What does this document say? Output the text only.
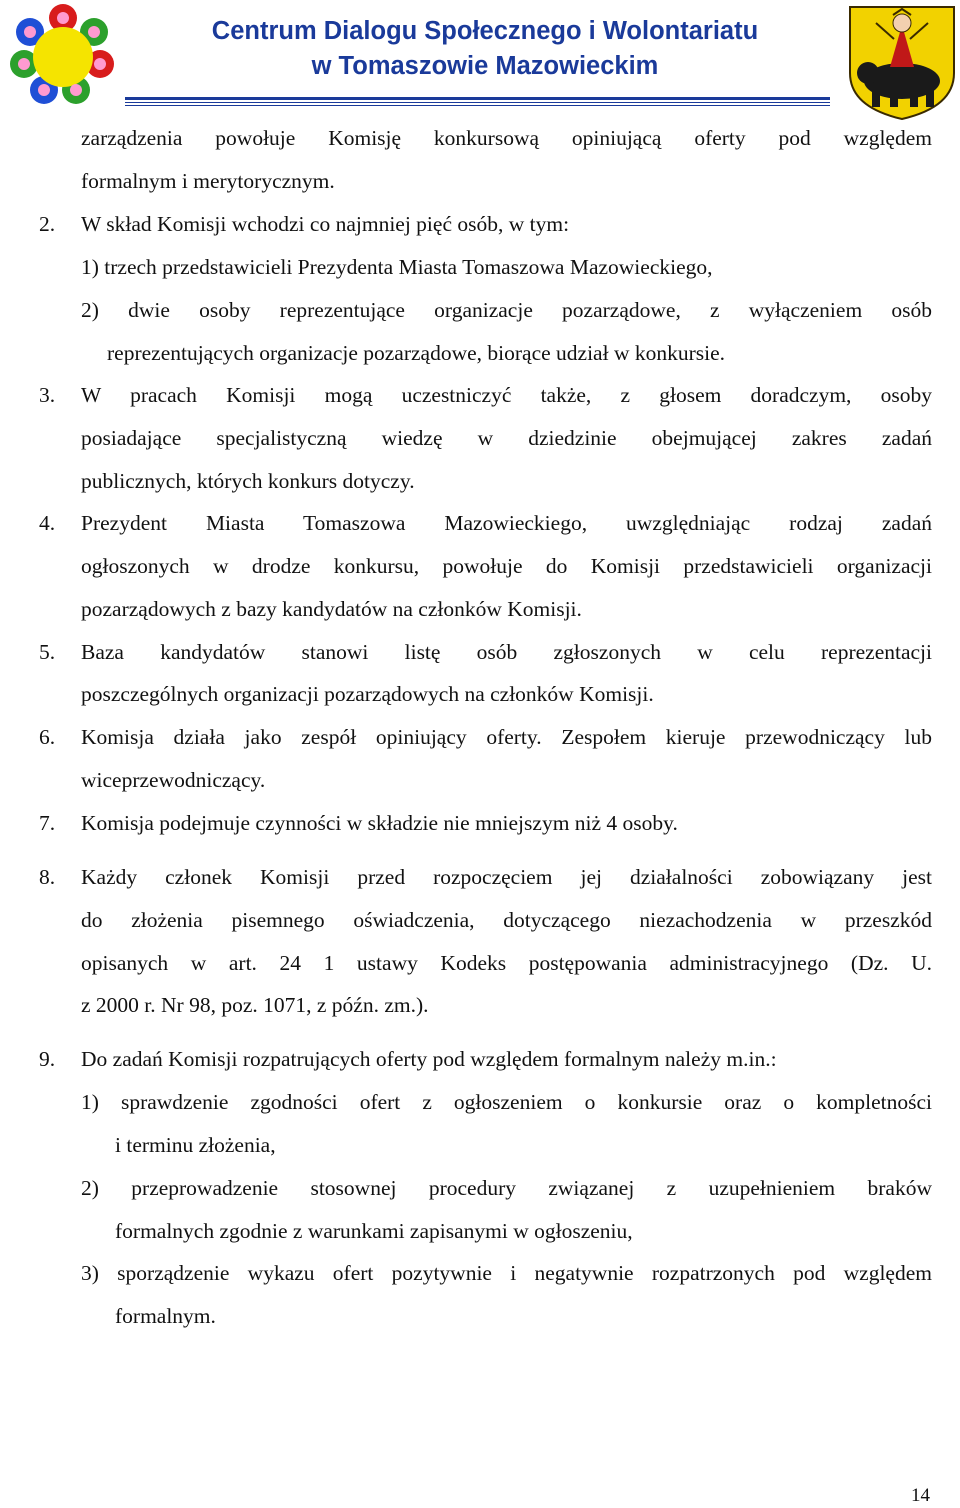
Centrum Dialogu Społecznego i Wolontariatu
w Tomaszowie Mazowieckim
zarządzenia powołuje Komisję konkursową opiniującą oferty pod względem
formalnym i merytorycznym.
2. W skład Komisji wchodzi co najmniej pięć osób, w tym:
1) trzech przedstawicieli Prezydenta Miasta Tomaszowa Mazowieckiego,
2) dwie osoby reprezentujące organizacje pozarządowe, z wyłączeniem osób
reprezentujących organizacje pozarządowe, biorące udział w konkursie.
3. W pracach Komisji mogą uczestniczyć także, z głosem doradczym, osoby
posiadające specjalistyczną wiedzę w dziedzinie obejmującej zakres zadań
publicznych, których konkurs dotyczy.
4. Prezydent Miasta Tomaszowa Mazowieckiego, uwzględniając rodzaj zadań
ogłoszonych w drodze konkursu, powołuje do Komisji przedstawicieli organizacji
pozarządowych z bazy kandydatów na członków Komisji.
5. Baza kandydatów stanowi listę osób zgłoszonych w celu reprezentacji
poszczególnych organizacji pozarządowych na członków Komisji.
6. Komisja działa jako zespół opiniujący oferty. Zespołem kieruje przewodniczący lub
wiceprzewodniczący.
7. Komisja podejmuje czynności w składzie nie mniejszym niż 4 osoby.
8. Każdy członek Komisji przed rozpoczęciem jej działalności zobowiązany jest
do złożenia pisemnego oświadczenia, dotyczącego niezachodzenia w przeszkód
opisanych w art. 24 1 ustawy Kodeks postępowania administracyjnego (Dz. U.
z 2000 r. Nr 98, poz. 1071, z późn. zm.).
9. Do zadań Komisji rozpatrujących oferty pod względem formalnym należy m.in.:
1) sprawdzenie zgodności ofert z ogłoszeniem o konkursie oraz o kompletności
i terminu złożenia,
2) przeprowadzenie stosownej procedury związanej z uzupełnieniem braków
formalnych zgodnie z warunkami zapisanymi w ogłoszeniu,
3) sporządzenie wykazu ofert pozytywnie i negatywnie rozpatrzonych pod względem
formalnym.
14
